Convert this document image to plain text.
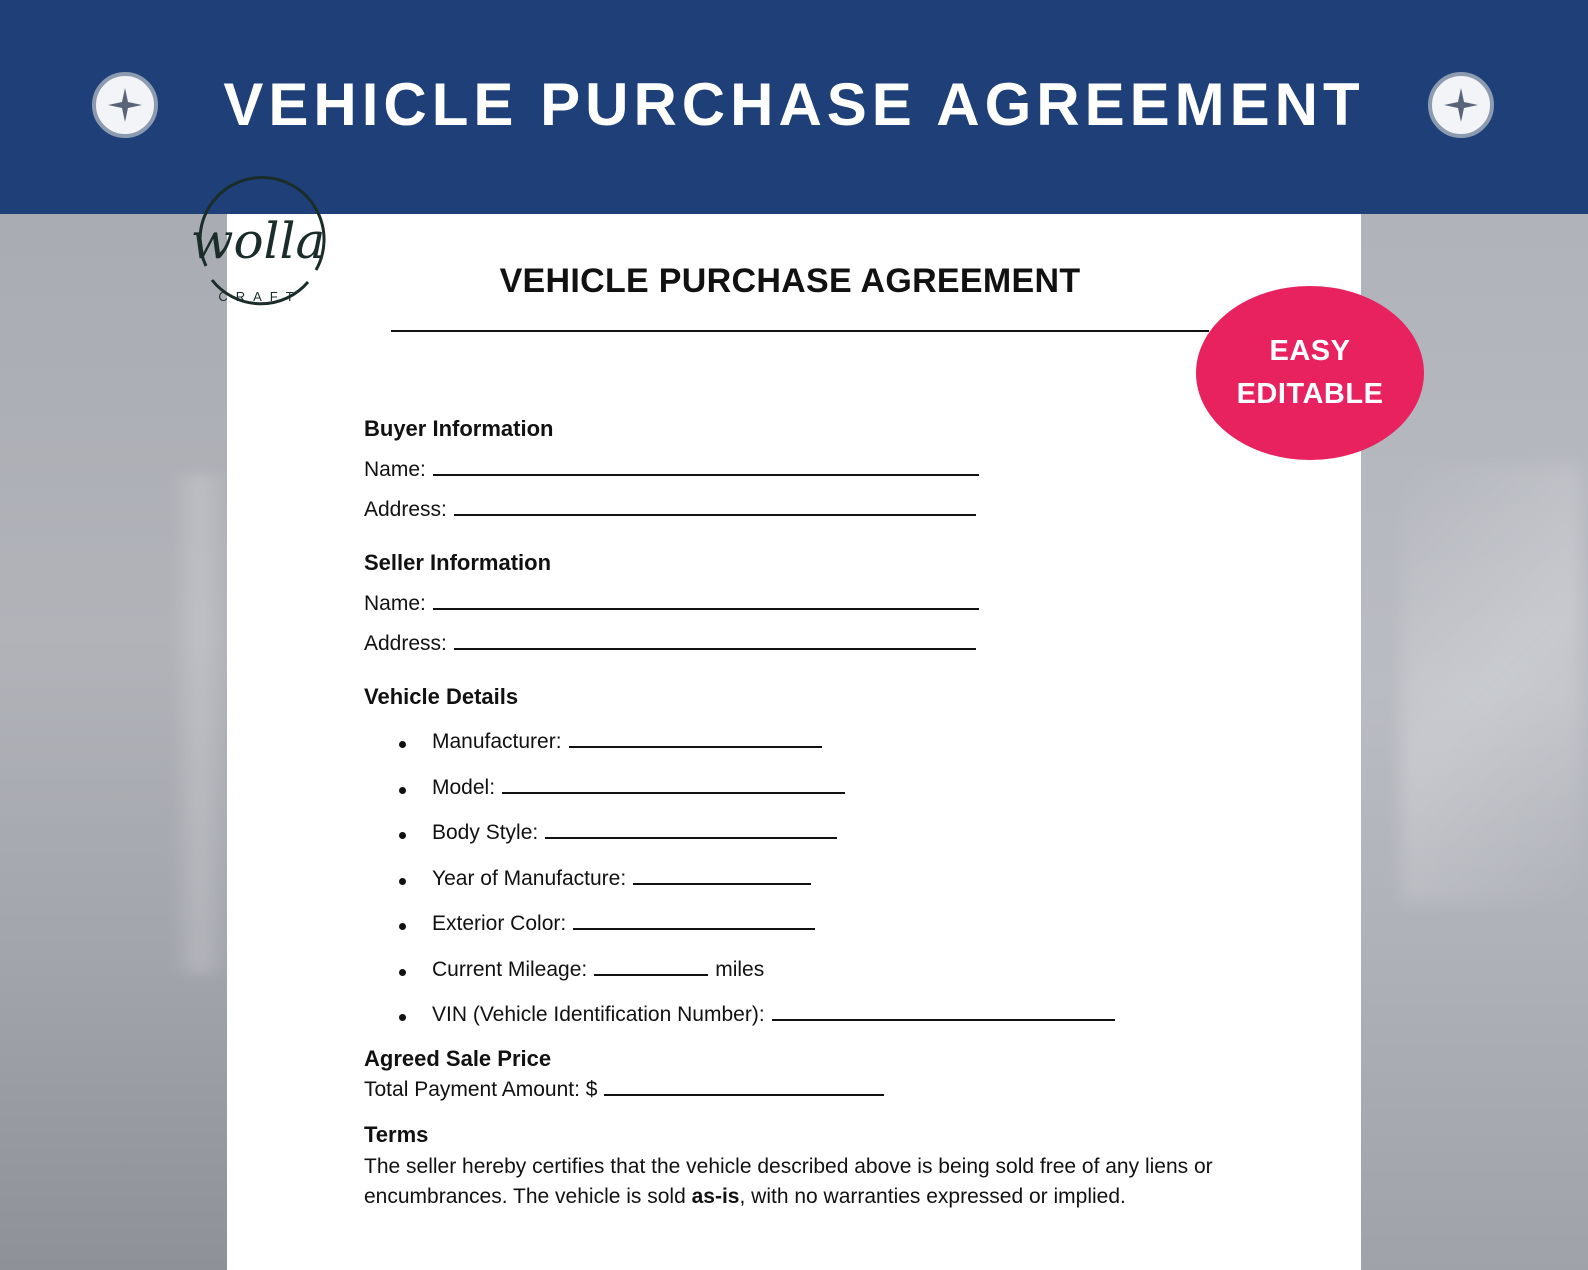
VEHICLE PURCHASE AGREEMENT
wolla
CRAFT	VEHICLE PURCHASE AGREEMENT
EASY
EDITABLE
Buyer Information
Name:
Address:
Seller Information
Name:
Address:
Vehicle Details
Manufacturer:
Model:
Body Style:
Year of Manufacture:
Exterior Color:
Current Mileage:	miles
VIN (Vehicle Identification Number):
Agreed Sale Price
Total Payment Amount: $
Terms
The seller hereby certifies that the vehicle described above is being sold free of any liens or encumbrances. The vehicle is sold as-is, with no warranties expressed or implied.
